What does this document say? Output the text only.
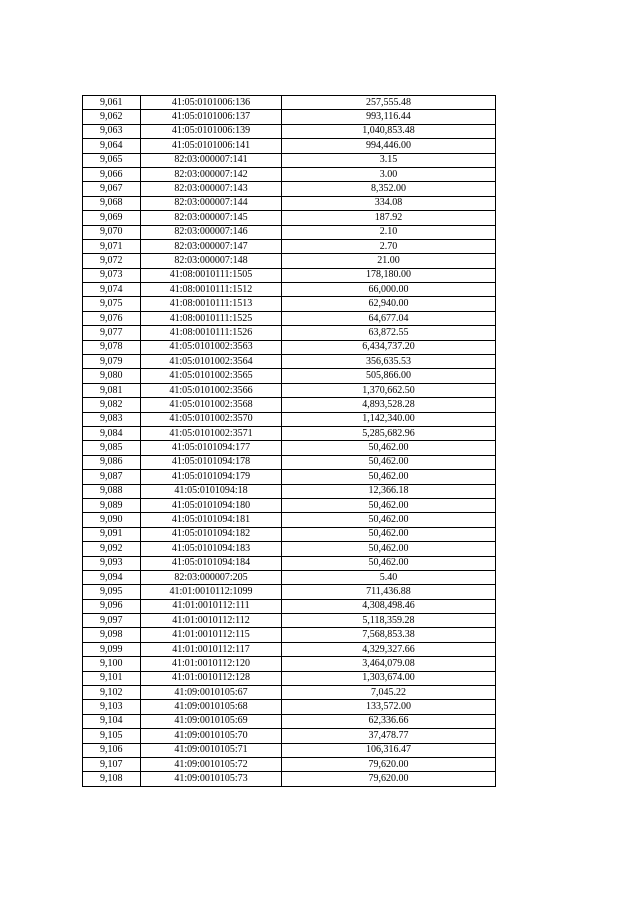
9,061	41:05:0101006:136	257,555.48
9,062	41:05:0101006:137	993,116.44
9,063	41:05:0101006:139	1,040,853.48
9,064	41:05:0101006:141	994,446.00
9,065	82:03:000007:141	3.15
9,066	82:03:000007:142	3.00
9,067	82:03:000007:143	8,352.00
9,068	82:03:000007:144	334.08
9,069	82:03:000007:145	187.92
9,070	82:03:000007:146	2.10
9,071	82:03:000007:147	2.70
9,072	82:03:000007:148	21.00
9,073	41:08:0010111:1505	178,180.00
9,074	41:08:0010111:1512	66,000.00
9,075	41:08:0010111:1513	62,940.00
9,076	41:08:0010111:1525	64,677.04
9,077	41:08:0010111:1526	63,872.55
9,078	41:05:0101002:3563	6,434,737.20
9,079	41:05:0101002:3564	356,635.53
9,080	41:05:0101002:3565	505,866.00
9,081	41:05:0101002:3566	1,370,662.50
9,082	41:05:0101002:3568	4,893,528.28
9,083	41:05:0101002:3570	1,142,340.00
9,084	41:05:0101002:3571	5,285,682.96
9,085	41:05:0101094:177	50,462.00
9,086	41:05:0101094:178	50,462.00
9,087	41:05:0101094:179	50,462.00
9,088	41:05:0101094:18	12,366.18
9,089	41:05:0101094:180	50,462.00
9,090	41:05:0101094:181	50,462.00
9,091	41:05:0101094:182	50,462.00
9,092	41:05:0101094:183	50,462.00
9,093	41:05:0101094:184	50,462.00
9,094	82:03:000007:205	5.40
9,095	41:01:0010112:1099	711,436.88
9,096	41:01:0010112:111	4,308,498.46
9,097	41:01:0010112:112	5,118,359.28
9,098	41:01:0010112:115	7,568,853.38
9,099	41:01:0010112:117	4,329,327.66
9,100	41:01:0010112:120	3,464,079.08
9,101	41:01:0010112:128	1,303,674.00
9,102	41:09:0010105:67	7,045.22
9,103	41:09:0010105:68	133,572.00
9,104	41:09:0010105:69	62,336.66
9,105	41:09:0010105:70	37,478.77
9,106	41:09:0010105:71	106,316.47
9,107	41:09:0010105:72	79,620.00
9,108	41:09:0010105:73	79,620.00
